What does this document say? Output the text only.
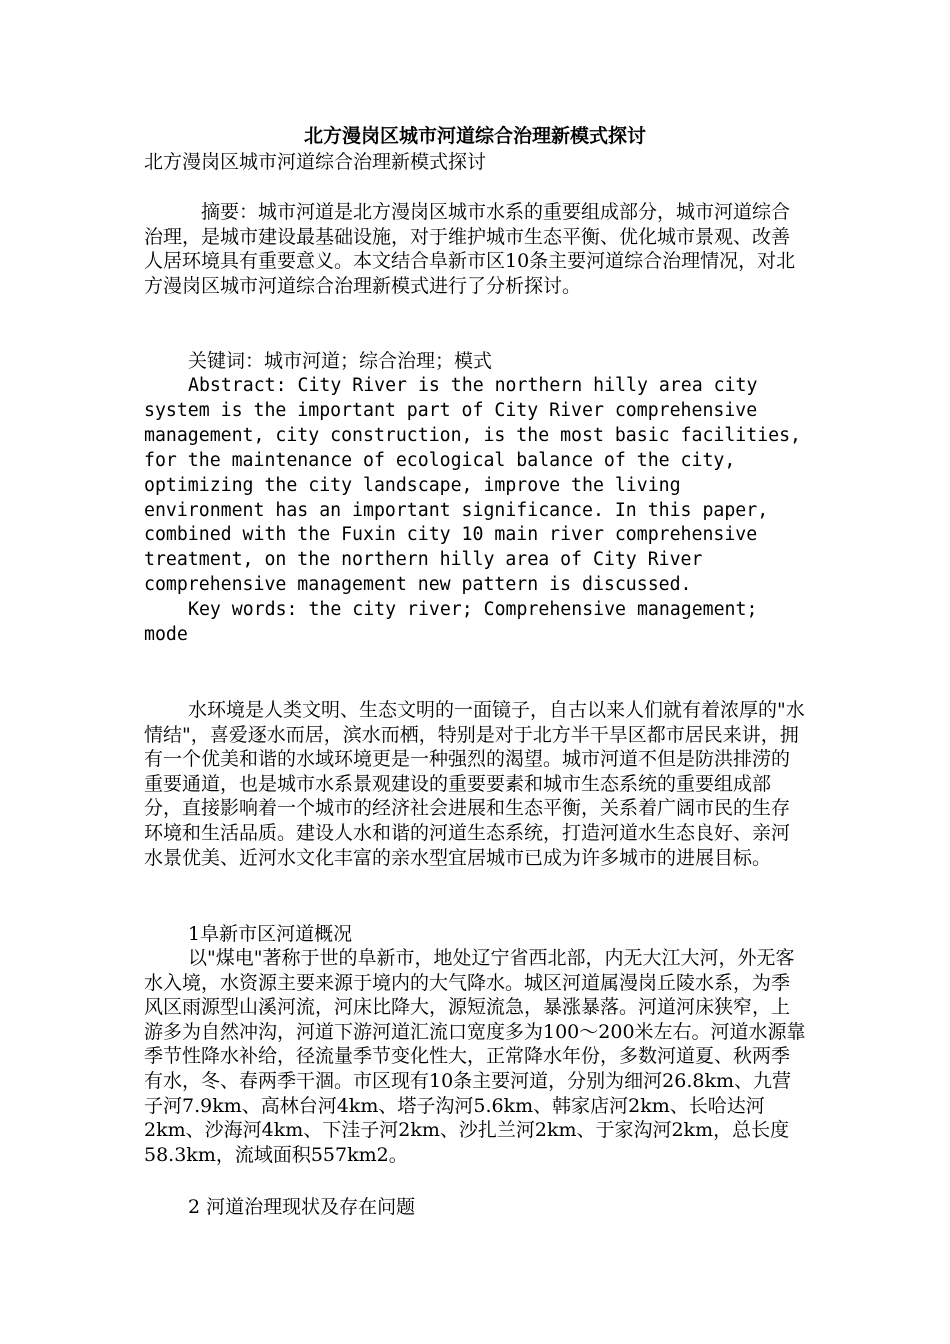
北方漫岗区城市河道综合治理新模式探讨

北方漫岗区城市河道综合治理新模式探讨

摘要：城市河道是北方漫岗区城市水系的重要组成部分，城市河道综合治理，是城市建设最基础设施，对于维护城市生态平衡、优化城市景观、改善人居环境具有重要意义。本文结合阜新市区10条主要河道综合治理情况，对北方漫岗区城市河道综合治理新模式进行了分析探讨。

关键词：城市河道；综合治理；模式

Abstract: City River is the northern hilly area city system is the important part of City River comprehensive management, city construction, is the most basic facilities, for the maintenance of ecological balance of the city, optimizing the city landscape, improve the living environment has an important significance. In this paper, combined with the Fuxin city 10 main river comprehensive treatment, on the northern hilly area of City River comprehensive management new pattern is discussed.

Key words: the city river; Comprehensive management; mode

水环境是人类文明、生态文明的一面镜子，自古以来人们就有着浓厚的"水情结"，喜爱逐水而居，滨水而栖，特别是对于北方半干旱区都市居民来讲，拥有一个优美和谐的水域环境更是一种强烈的渴望。城市河道不但是防洪排涝的重要通道，也是城市水系景观建设的重要要素和城市生态系统的重要组成部分，直接影响着一个城市的经济社会进展和生态平衡，关系着广阔市民的生存环境和生活品质。建设人水和谐的河道生态系统，打造河道水生态良好、亲河水景优美、近河水文化丰富的亲水型宜居城市已成为许多城市的进展目标。

1阜新市区河道概况

以"煤电"著称于世的阜新市，地处辽宁省西北部，内无大江大河，外无客水入境，水资源主要来源于境内的大气降水。城区河道属漫岗丘陵水系，为季风区雨源型山溪河流，河床比降大，源短流急，暴涨暴落。河道河床狭窄，上游多为自然冲沟，河道下游河道汇流口宽度多为100～200米左右。河道水源靠季节性降水补给，径流量季节变化性大，正常降水年份，多数河道夏、秋两季有水，冬、春两季干涸。市区现有10条主要河道，分别为细河26.8km、九营子河7.9km、高林台河4km、塔子沟河5.6km、韩家店河2km、长哈达河2km、沙海河4km、下洼子河2km、沙扎兰河2km、于家沟河2km，总长度58.3km，流域面积557km2。

2 河道治理现状及存在问题
